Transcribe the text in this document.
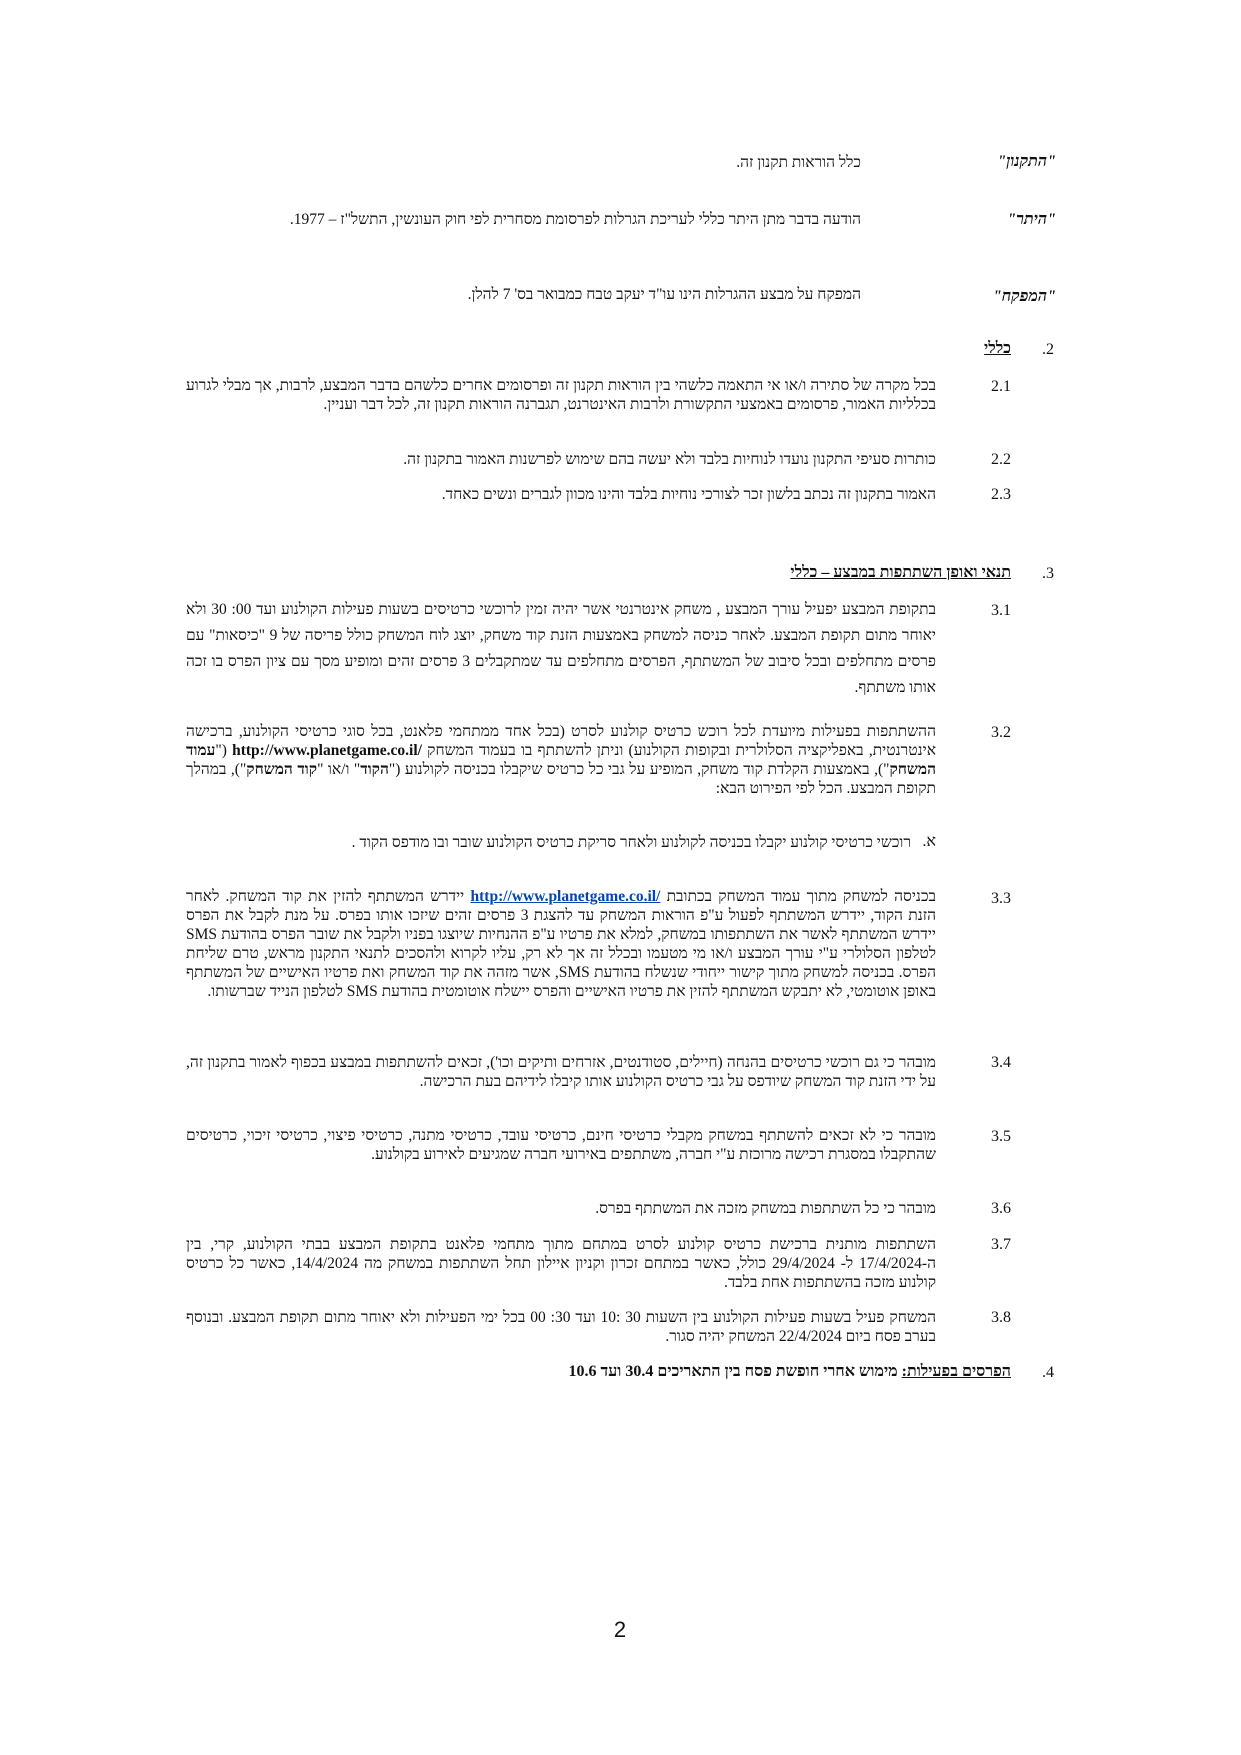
"התקנון"
כלל הוראות תקנון זה.
"היתר"
הודעה בדבר מתן היתר כללי לעריכת הגרלות לפרסומת מסחרית לפי חוק העונשין, התשל"ז – 1977.
"המפקח"
המפקח על מבצע ההגרלות הינו עו"ד יעקב טבח כמבואר בס' 7 להלן.
2.
כללי
2.1
בכל מקרה של סתירה ו/או אי התאמה כלשהי בין הוראות תקנון זה ופרסומים אחרים כלשהם בדבר המבצע, לרבות, אך מבלי לגרוע בכלליות האמור, פרסומים באמצעי התקשורת ולרבות האינטרנט, תגברנה הוראות תקנון זה, לכל דבר ועניין.
2.2
כותרות סעיפי התקנון נועדו לנוחיות בלבד ולא יעשה בהם שימוש לפרשנות האמור בתקנון זה.
2.3
האמור בתקנון זה נכתב בלשון זכר לצורכי נוחיות בלבד והינו מכוון לגברים ונשים כאחד.
3.
תנאי ואופן השתתפות במבצע – כללי
3.1
בתקופת המבצע יפעיל עורך המבצע , משחק אינטרנטי אשר יהיה זמין לרוכשי כרטיסים בשעות פעילות הקולנוע ועד 00: 30 ולא יאוחר מתום תקופת המבצע. לאחר כניסה למשחק באמצעות הזנת קוד משחק, יוצג לוח המשחק כולל פריסה של 9 "כיסאות" עם פרסים מתחלפים ובכל סיבוב של המשתתף, הפרסים מתחלפים עד שמתקבלים 3 פרסים זהים ומופיע מסך עם ציון הפרס בו זכה אותו משתתף.
3.2
ההשתתפות בפעילות מיועדת לכל רוכש כרטיס קולנוע לסרט (בכל אחד ממתחמי פלאנט, בכל סוגי כרטיסי הקולנוע, ברכישה אינטרנטית, באפליקציה הסלולרית ובקופות הקולנוע) וניתן להשתתף בו בעמוד המשחק http://www.planetgame.co.il/ ("עמוד המשחק"), באמצעות הקלדת קוד משחק, המופיע על גבי כל כרטיס שיקבלו בכניסה לקולנוע ("הקוד" ו/או "קוד המשחק"), במהלך תקופת המבצע. הכל לפי הפירוט הבא:
א.
רוכשי כרטיסי קולנוע יקבלו בכניסה לקולנוע ולאחר סריקת כרטיס הקולנוע שובר ובו מודפס הקוד .
3.3
בכניסה למשחק מתוך עמוד המשחק בכתובת http://www.planetgame.co.il/ יידרש המשתתף להזין את קוד המשחק. לאחר הזנת הקוד, יידרש המשתתף לפעול ע"פ הוראות המשחק עד להצגת 3 פרסים זהים שיזכו אותו בפרס. על מנת לקבל את הפרס יידרש המשתתף לאשר את השתתפותו במשחק, למלא את פרטיו ע"פ ההנחיות שיוצגו בפניו ולקבל את שובר הפרס בהודעת SMS לטלפון הסלולרי ע"י עורך המבצע ו/או מי מטעמו ובכלל זה אך לא רק, עליו לקרוא ולהסכים לתנאי התקנון מראש, טרם שליחת הפרס. בכניסה למשחק מתוך קישור ייחודי שנשלח בהודעת SMS, אשר מזהה את קוד המשחק ואת פרטיו האישיים של המשתתף באופן אוטומטי, לא יתבקש המשתתף להזין את פרטיו האישיים והפרס יישלח אוטומטית בהודעת SMS לטלפון הנייד שברשותו.
3.4
מובהר כי גם רוכשי כרטיסים בהנחה (חיילים, סטודנטים, אזרחים ותיקים וכו'), זכאים להשתתפות במבצע בכפוף לאמור בתקנון זה, על ידי הזנת קוד המשחק שיודפס על גבי כרטיס הקולנוע אותו קיבלו לידיהם בעת הרכישה.
3.5
מובהר כי לא זכאים להשתתף במשחק מקבלי כרטיסי חינם, כרטיסי עובד, כרטיסי מתנה, כרטיסי פיצוי, כרטיסי זיכוי, כרטיסים שהתקבלו במסגרת רכישה מרוכזת ע"י חברה, משתתפים באירועי חברה שמגיעים לאירוע בקולנוע.
3.6
מובהר כי כל השתתפות במשחק מזכה את המשתתף בפרס.
3.7
השתתפות מותנית ברכישת כרטיס קולנוע לסרט במתחם מתוך מתחמי פלאנט בתקופת המבצע בבתי הקולנוע, קרי, בין ה-17/4/2024 ל- 29/4/2024 כולל, כאשר במתחם זכרון וקניון איילון תחל השתתפות במשחק מה 14/4/2024, כאשר כל כרטיס קולנוע מזכה בהשתתפות אחת בלבד.
3.8
המשחק פעיל בשעות פעילות הקולנוע בין השעות 30 :10 ועד 30: 00 בכל ימי הפעילות ולא יאוחר מתום תקופת המבצע. ובנוסף בערב פסח ביום 22/4/2024 המשחק יהיה סגור.
4.
הפרסים בפעילות: מימוש אחרי חופשת פסח בין התאריכים 30.4 ועד 10.6
2
